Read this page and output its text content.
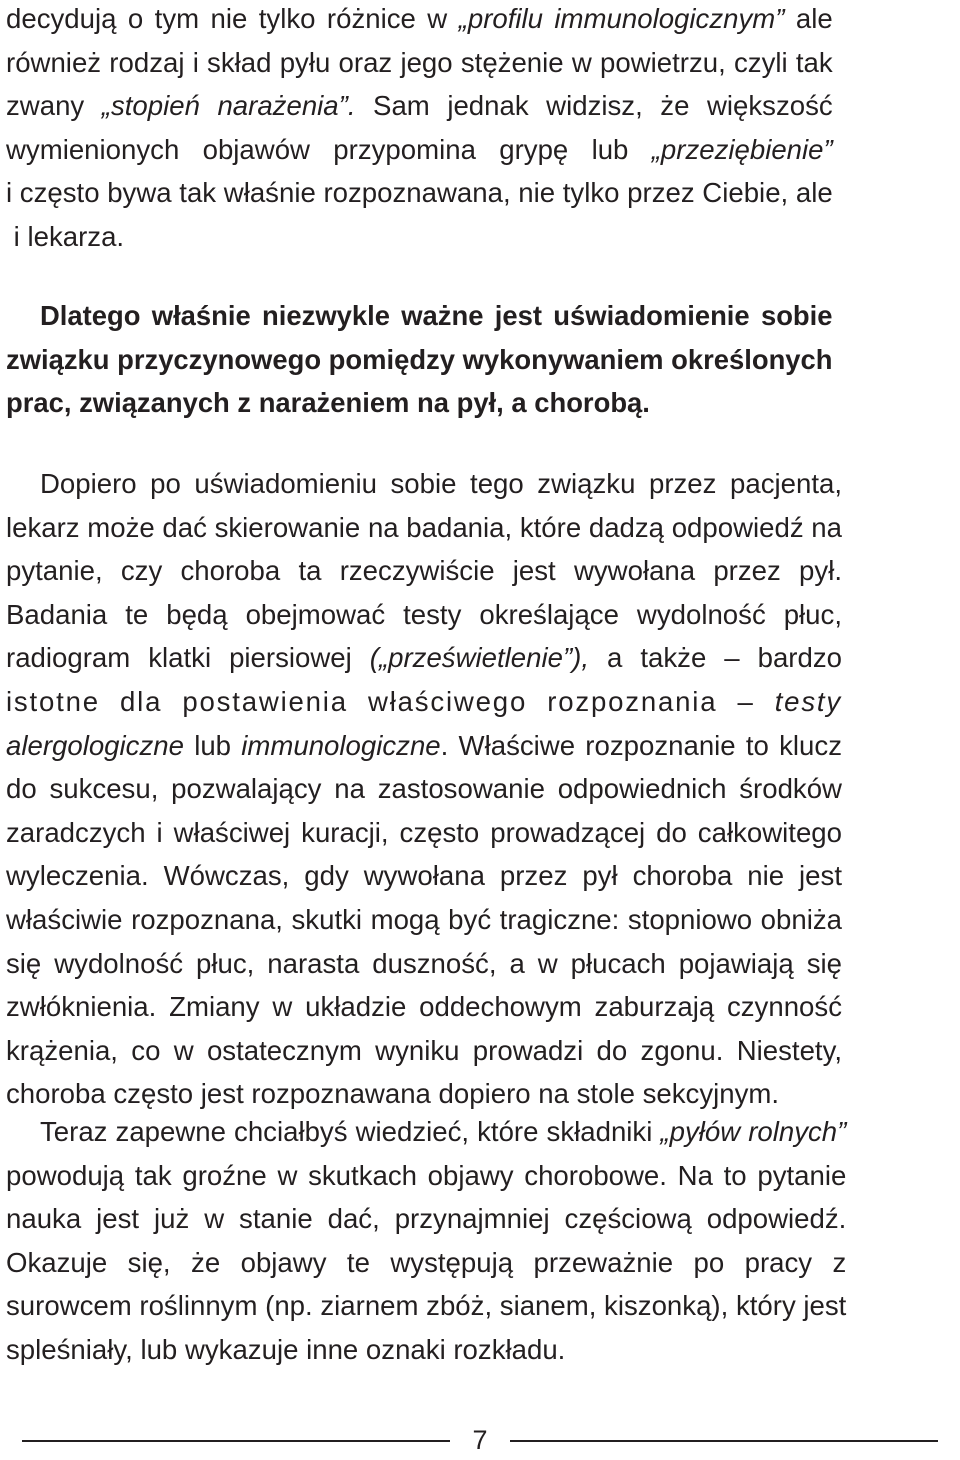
decydują o tym nie tylko różnice w „profilu immunologicznym” ale
również rodzaj i skład pyłu oraz jego stężenie w powietrzu, czyli tak
zwany „stopień narażenia”. Sam jednak widzisz, że większość
wymienionych objawów przypomina grypę lub „przeziębienie”
i często bywa tak właśnie rozpoznawana, nie tylko przez Ciebie, ale
i lekarza.

Dlatego właśnie niezwykle ważne jest uświadomienie sobie
związku przyczynowego pomiędzy wykonywaniem określonych
prac, związanych z narażeniem na pył, a chorobą.

Dopiero po uświadomieniu sobie tego związku przez pacjenta,
lekarz może dać skierowanie na badania, które dadzą odpowiedź na
pytanie, czy choroba ta rzeczywiście jest wywołana przez pył.
Badania te będą obejmować testy określające wydolność płuc,
radiogram klatki piersiowej („prześwietlenie”), a także – bardzo
istotne dla postawienia właściwego rozpoznania – testy
alergologiczne lub immunologiczne. Właściwe rozpoznanie to klucz
do sukcesu, pozwalający na zastosowanie odpowiednich środków
zaradczych i właściwej kuracji, często prowadzącej do całkowitego
wyleczenia. Wówczas, gdy wywołana przez pył choroba nie jest
właściwie rozpoznana, skutki mogą być tragiczne: stopniowo obniża
się wydolność płuc, narasta duszność, a w płucach pojawiają się
zwłóknienia. Zmiany w układzie oddechowym zaburzają czynność
krążenia, co w ostatecznym wyniku prowadzi do zgonu. Niestety,
choroba często jest rozpoznawana dopiero na stole sekcyjnym.

Teraz zapewne chciałbyś wiedzieć, które składniki „pyłów rolnych”
powodują tak groźne w skutkach objawy chorobowe. Na to pytanie
nauka jest już w stanie dać, przynajmniej częściową odpowiedź.
Okazuje się, że objawy te występują przeważnie po pracy z
surowcem roślinnym (np. ziarnem zbóż, sianem, kiszonką), który jest
spleśniały, lub wykazuje inne oznaki rozkładu.

7
